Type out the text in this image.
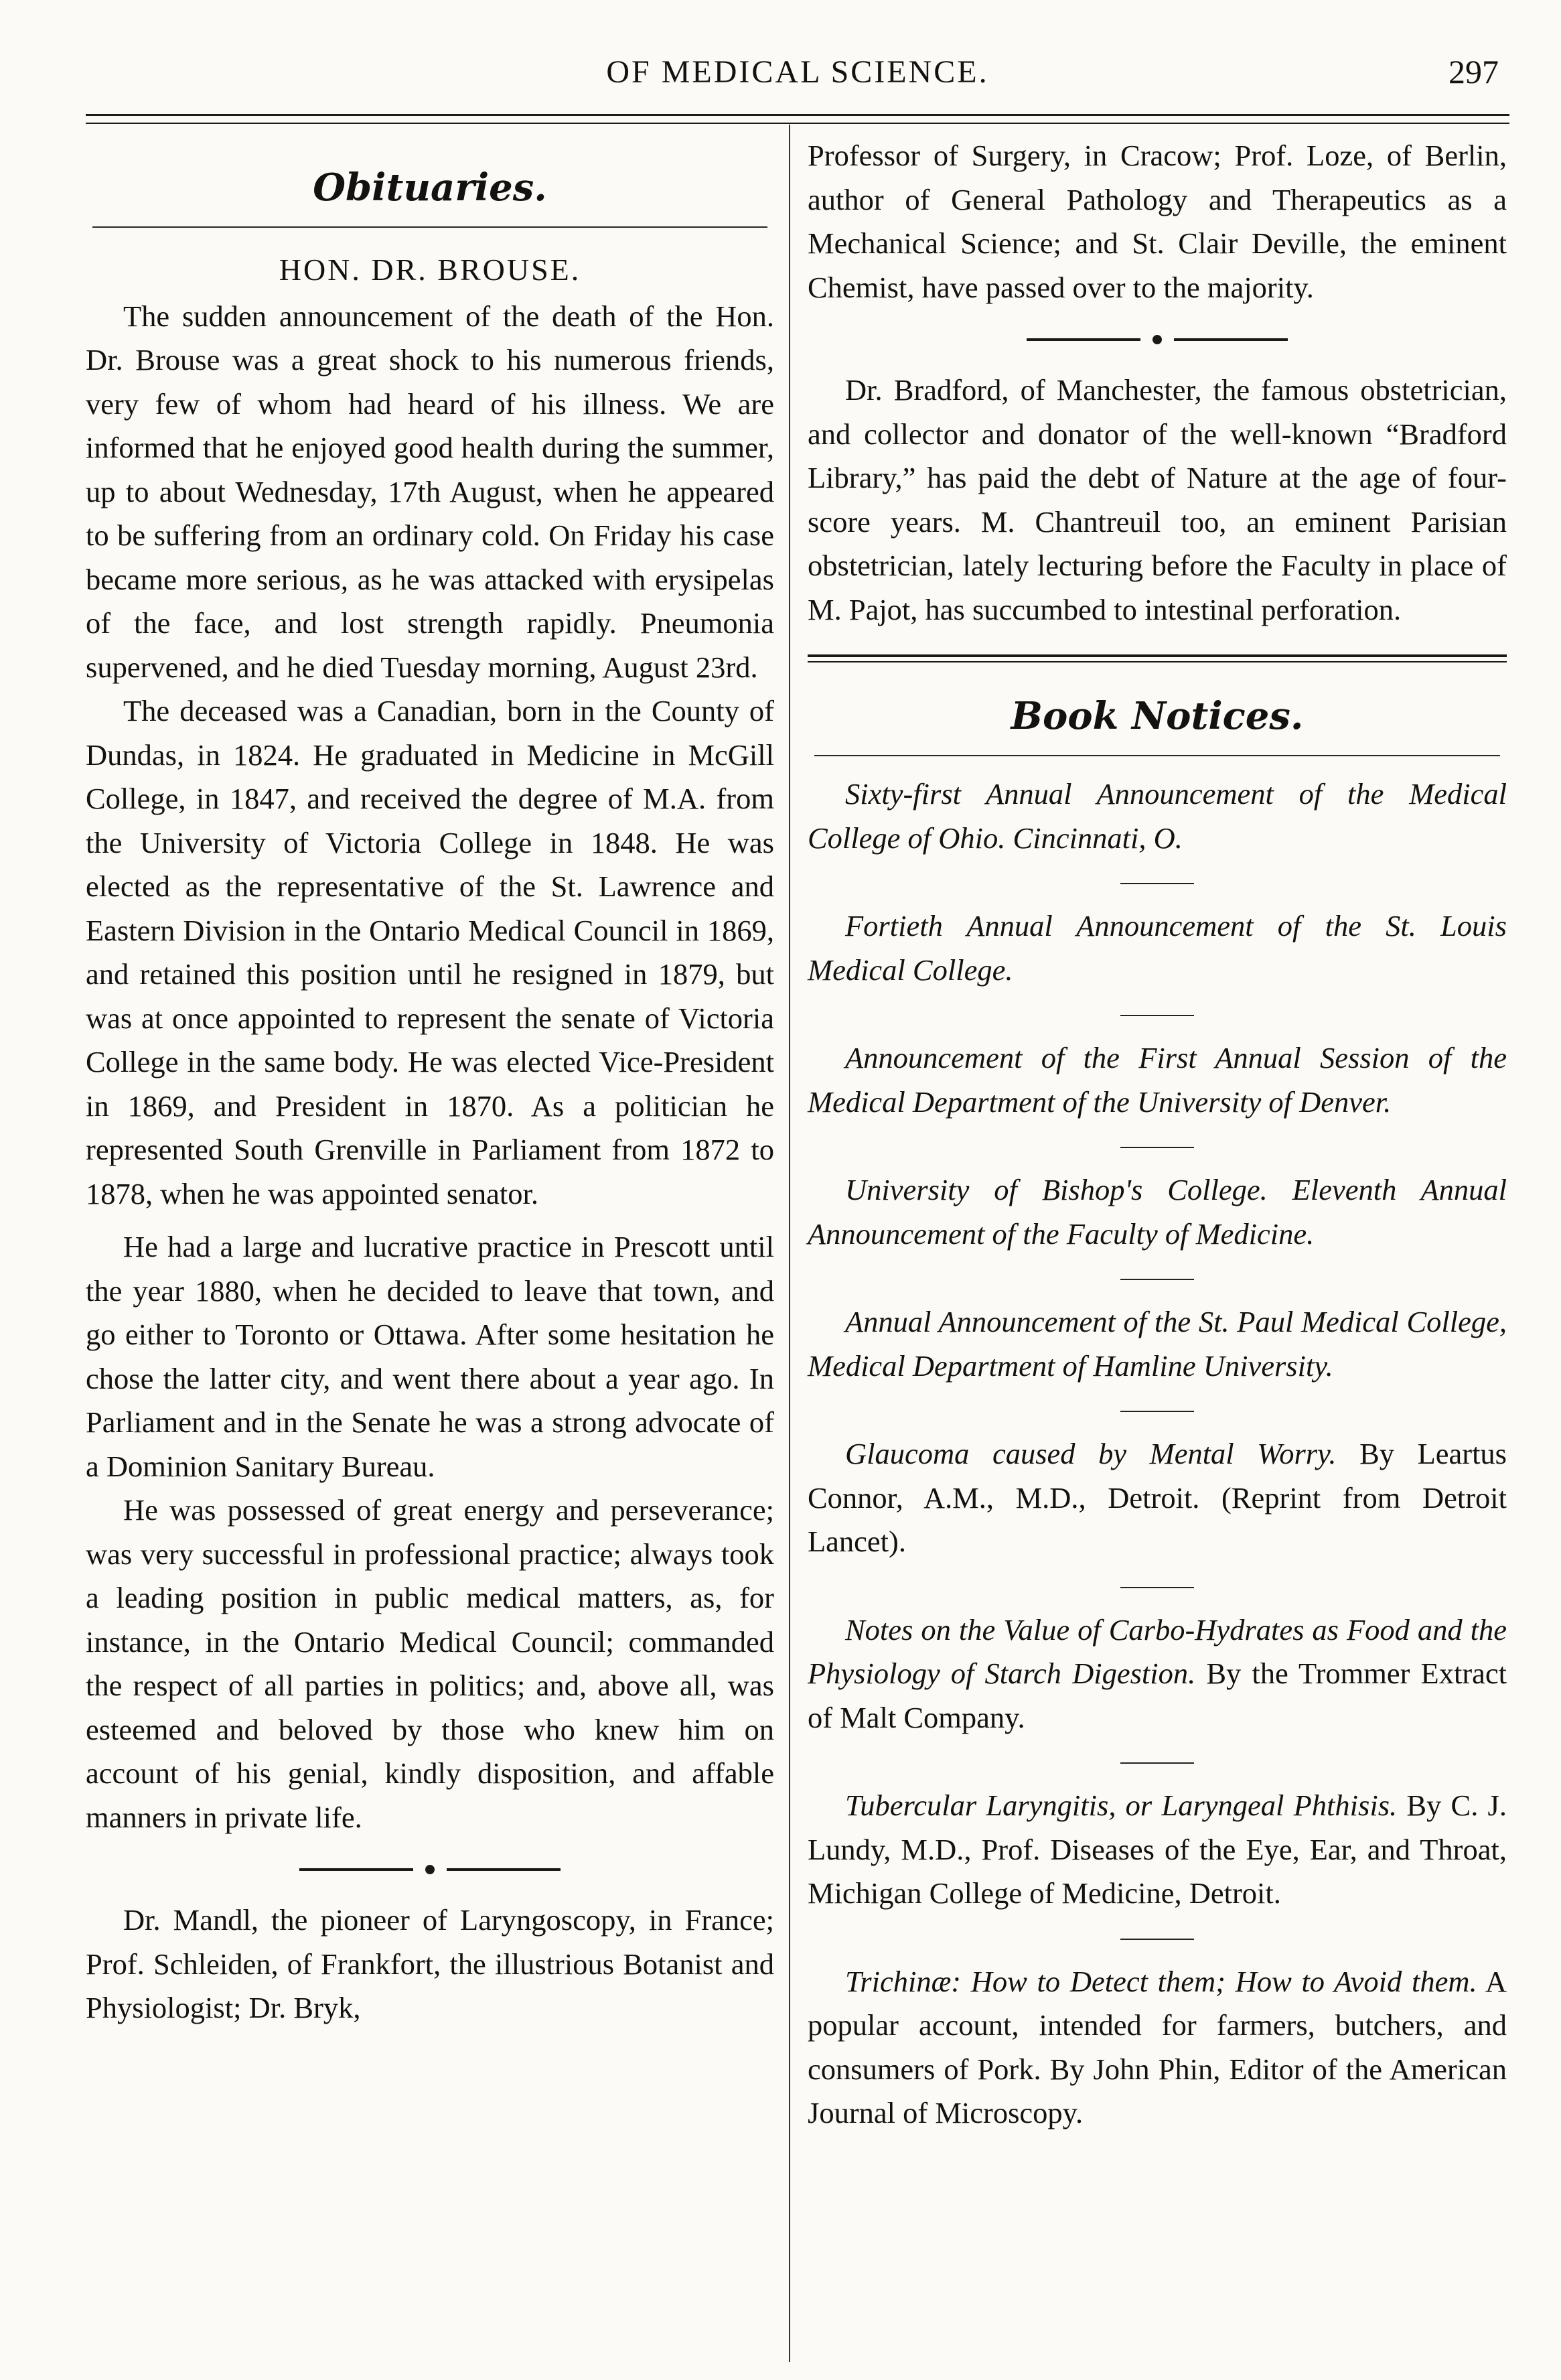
OF MEDICAL SCIENCE.	297
Obituaries.
HON. DR. BROUSE.

The sudden announcement of the death of the Hon. Dr. Brouse was a great shock to his numerous friends, very few of whom had heard of his illness. We are informed that he enjoyed good health during the summer, up to about Wednesday, 17th August, when he appeared to be suffering from an ordinary cold. On Friday his case became more serious, as he was attacked with erysipelas of the face, and lost strength rapidly. Pneumonia supervened, and he died Tuesday morning, August 23rd.

The deceased was a Canadian, born in the County of Dundas, in 1824. He graduated in Medicine in McGill College, in 1847, and received the degree of M.A. from the University of Victoria College in 1848. He was elected as the representative of the St. Lawrence and Eastern Division in the Ontario Medical Council in 1869, and retained this position until he resigned in 1879, but was at once appointed to represent the senate of Victoria College in the same body. He was elected Vice-President in 1869, and President in 1870. As a politician he represented South Grenville in Parliament from 1872 to 1878, when he was appointed senator.

He had a large and lucrative practice in Prescott until the year 1880, when he decided to leave that town, and go either to Toronto or Ottawa. After some hesitation he chose the latter city, and went there about a year ago. In Parliament and in the Senate he was a strong advocate of a Dominion Sanitary Bureau.

He was possessed of great energy and perseverance; was very successful in professional practice; always took a leading position in public medical matters, as, for instance, in the Ontario Medical Council; commanded the respect of all parties in politics; and, above all, was esteemed and beloved by those who knew him on account of his genial, kindly disposition, and affable manners in private life.

Dr. Mandl, the pioneer of Laryngoscopy, in France; Prof. Schleiden, of Frankfort, the illustrious Botanist and Physiologist; Dr. Bryk,

Professor of Surgery, in Cracow; Prof. Loze, of Berlin, author of General Pathology and Therapeutics as a Mechanical Science; and St. Clair Deville, the eminent Chemist, have passed over to the majority.

Dr. Bradford, of Manchester, the famous obstetrician, and collector and donator of the well-known “Bradford Library,” has paid the debt of Nature at the age of four-score years. M. Chantreuil too, an eminent Parisian obstetrician, lately lecturing before the Faculty in place of M. Pajot, has succumbed to intestinal perforation.

Book Notices.

Sixty-first Annual Announcement of the Medical College of Ohio. Cincinnati, O.

Fortieth Annual Announcement of the St. Louis Medical College.

Announcement of the First Annual Session of the Medical Department of the University of Denver.

University of Bishop's College. Eleventh Annual Announcement of the Faculty of Medicine.

Annual Announcement of the St. Paul Medical College, Medical Department of Hamline University.

Glaucoma caused by Mental Worry. By Leartus Connor, A.M., M.D., Detroit. (Reprint from Detroit Lancet).

Notes on the Value of Carbo-Hydrates as Food and the Physiology of Starch Digestion. By the Trommer Extract of Malt Company.

Tubercular Laryngitis, or Laryngeal Phthisis. By C. J. Lundy, M.D., Prof. Diseases of the Eye, Ear, and Throat, Michigan College of Medicine, Detroit.

Trichinæ: How to Detect them; How to Avoid them. A popular account, intended for farmers, butchers, and consumers of Pork. By John Phin, Editor of the American Journal of Microscopy.
